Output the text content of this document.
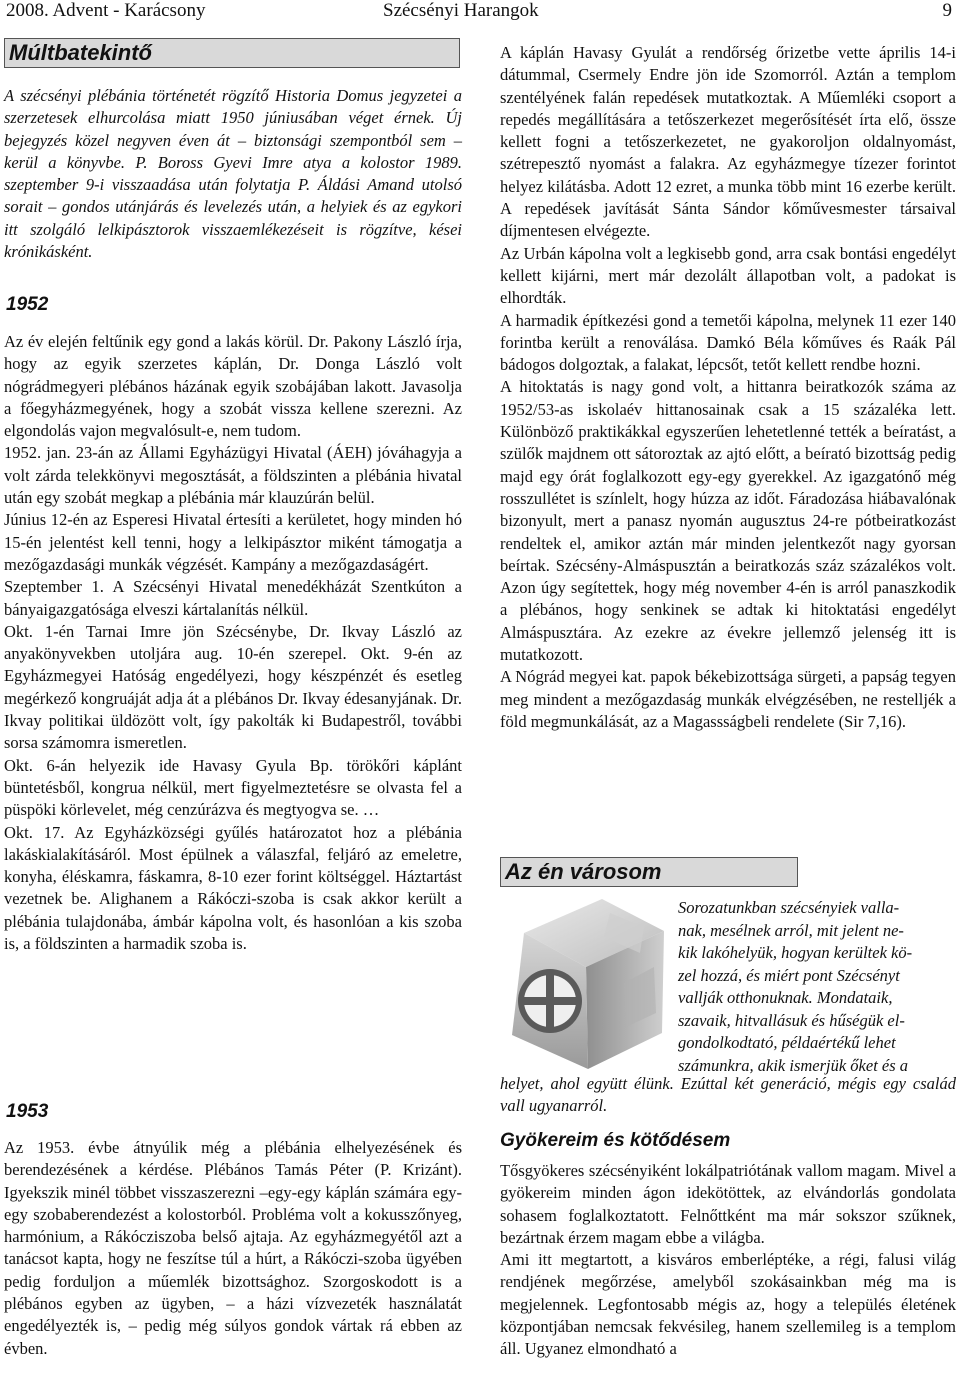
2008. Advent - Karácsony	Szécsényi Harangok	9
Múltbatekintő

A szécsényi plébánia történetét rögzítő Historia Domus jegyzetei a szerzetesek elhurcolása miatt 1950 júniusában véget érnek. Új bejegyzés közel negyven éven át – biztonsági szempontból sem – kerül a könyvbe. P. Boross Gyevi Imre atya a kolostor 1989. szeptember 9-i visszaadása után folytatja P. Áldási Amand utolsó sorait – gondos utánjárás és levelezés után, a helyiek és az egykori itt szolgáló lelkipásztorok visszaemlékezéseit is rögzítve, kései krónikásként.

1952

Az év elején feltűnik egy gond a lakás körül. Dr. Pakony László írja, hogy az egyik szerzetes káplán, Dr. Donga László volt nógrádmegyeri plébános házának egyik szobájában lakott. Javasolja a főegyházmegyének, hogy a szobát vissza kellene szerezni. Az elgondolás vajon megvalósult-e, nem tudom.

1952. jan. 23-án az Állami Egyházügyi Hivatal (ÁEH) jóváhagyja a volt zárda telekkönyvi megosztását, a földszinten a plébánia hivatal után egy szobát megkap a plébánia már klauzúrán belül.

Június 12-én az Esperesi Hivatal értesíti a kerületet, hogy minden hó 15-én jelentést kell tenni, hogy a lelkipásztor miként támogatja a mezőgazdasági munkák végzését. Kampány a mezőgazdaságért.

Szeptember 1. A Szécsényi Hivatal menedékházát Szentkúton a bányaigazgatósága elveszi kártalanítás nélkül.

Okt. 1-én Tarnai Imre jön Szécsénybe, Dr. Ikvay László az anyakönyvekben utoljára aug. 10-én szerepel. Okt. 9-én az Egyházmegyei Hatóság engedélyezi, hogy készpénzét és esetleg megérkező kongruáját adja át a plébános Dr. Ikvay édesanyjának. Dr. Ikvay politikai üldözött volt, így pakolták ki Budapestről, további sorsa számomra ismeretlen.

Okt. 6-án helyezik ide Havasy Gyula Bp. törökőri káplánt büntetésből, kongrua nélkül, mert figyelmeztetésre se olvasta fel a püspöki körlevelet, még cenzúrázva és megtyogva se. …

Okt. 17. Az Egyházközségi gyűlés határozatot hoz a plébánia lakáskialakításáról. Most épülnek a válaszfal, feljáró az emeletre, konyha, éléskamra, fáskamra, 8-10 ezer forint költséggel. Háztartást vezetnek be. Alighanem a Rákóczi-szoba is csak akkor került a plébánia tulajdonába, ámbár kápolna volt, és hasonlóan a kis szoba is, a földszinten a harmadik szoba is.

1953

Az 1953. évbe átnyúlik még a plébánia elhelyezésének és berendezésének a kérdése. Plébános Tamás Péter (P. Krizánt). Igyekszik minél többet visszaszerezni –egy-egy káplán számára egy-egy szobaberendezést a kolostorból. Probléma volt a kokusszőnyeg, harmónium, a Rákócziszoba belső ajtaja. Az egyházmegyétől azt a tanácsot kapta, hogy ne feszítse túl a húrt, a Rákóczi-szoba ügyében pedig forduljon a műemlék bizottsághoz. Szorgoskodott is a plébános egyben az ügyben, – a házi vízvezeték használatát engedélyezték is, – pedig még súlyos gondok vártak rá ebben az évben.

A káplán Havasy Gyulát a rendőrség őrizetbe vette április 14-i dátummal, Csermely Endre jön ide Szomorról. Aztán a templom szentélyének falán repedések mutatkoztak. A Műemléki csoport a repedés megállítására a tetőszerkezet megerősítését írta elő, össze kellett fogni a tetőszerkezetet, ne gyakoroljon oldalnyomást, szétrepesztő nyomást a falakra. Az egyházmegye tízezer forintot helyez kilátásba. Adott 12 ezret, a munka több mint 16 ezerbe került. A repedések javítását Sánta Sándor kőművesmester társaival díjmentesen elvégezte.

Az Urbán kápolna volt a legkisebb gond, arra csak bontási engedélyt kellett kijárni, mert már dezolált állapotban volt, a padokat is elhordták.

A harmadik építkezési gond a temetői kápolna, melynek 11 ezer 140 forintba került a renoválása. Damkó Béla kőműves és Raák Pál bádogos dolgoztak, a falakat, lépcsőt, tetőt kellett rendbe hozni.

A hitoktatás is nagy gond volt, a hittanra beiratkozók száma az 1952/53-as iskolaév hittanosainak csak a 15 százaléka lett. Különböző praktikákkal egyszerűen lehetetlenné tették a beíratást, a szülők majdnem ott sátoroztak az ajtó előtt, a beírató bizottság pedig majd egy órát foglalkozott egy-egy gyerekkel. Az igazgatónő még rosszullétet is színlelt, hogy húzza az időt. Fáradozása hiábavalónak bizonyult, mert a panasz nyomán augusztus 24-re pótbeiratkozást rendeltek el, amikor aztán már minden jelentkezőt nagy gyorsan beírtak. Szécsény-Almáspusztán a beiratkozás száz százalékos volt. Azon úgy segítettek, hogy még november 4-én is arról panaszkodik a plébános, hogy senkinek se adtak ki hitoktatási engedélyt Almáspusztára. Az ezekre az évekre jellemző jelenség itt is mutatkozott.

A Nógrád megyei kat. papok békebizottsága sürgeti, a papság tegyen meg mindent a mezőgazdaság munkák elvégzésében, ne restelljék a föld megmunkálását, az a Magassságbeli rendelete (Sir 7,16).

Az én városom

Sorozatunkban szécsényiek valla-

nak, mesélnek arról, mit jelent ne-

kik lakóhelyük, hogyan kerültek kö-

zel hozzá, és miért pont Szécsényt

vallják otthonuknak. Mondataik,

szavaik, hitvallásuk és hűségük el-

gondolkodtató, példaértékű lehet

számunkra, akik ismerjük őket és a

helyet, ahol együtt élünk. Ezúttal két generáció, mégis egy család vall ugyanarról.

Gyökereim és kötődésem

Tősgyökeres szécsényiként lokálpatriótának vallom magam. Mivel a gyökereim minden ágon idekötöttek, az elvándorlás gondolata sohasem foglalkoztatott. Felnőttként ma már sokszor szűknek, bezártnak érzem magam ebbe a világba.

Ami itt megtartott, a kisváros emberléptéke, a régi, falusi világ rendjének megőrzése, amelyből szokásainkban még ma is megjelennek. Legfontosabb mégis az, hogy a település életének központjában nemcsak fekvésileg, hanem szellemileg is a templom áll. Ugyanez elmondható a
